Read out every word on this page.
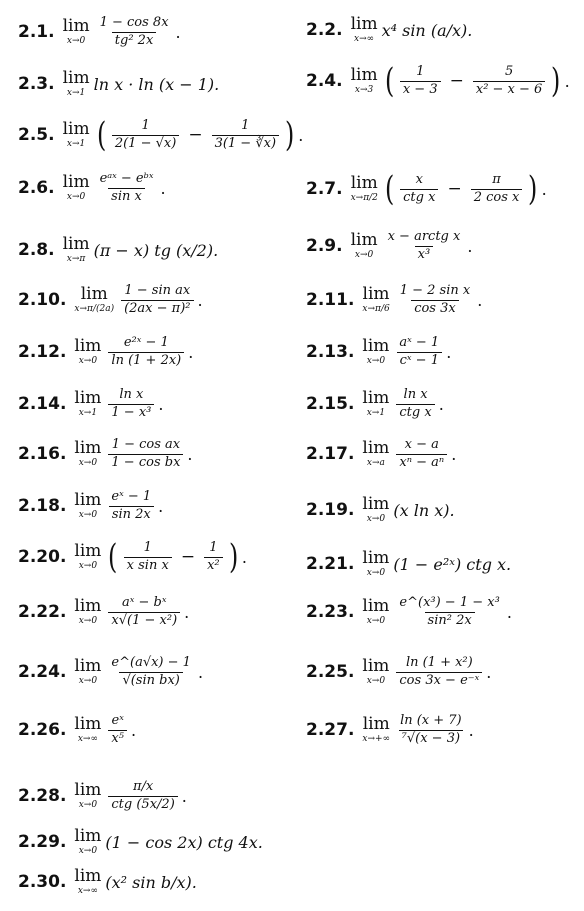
2.1. lim
$x\to 0 \frac{1 - \cos 8x}{\text{tg² 2x}}$ .	2.2. lim
x→∞ x⁴ sin (a/x).
2.3. lim
x→1 ln x · ln (x − 1).	2.4. lim
x→3 ( $\frac{1}{x - 3} - \frac{5}{\text{x² − x − 6}}$ ) .
2.5. lim
x→1 ( $\frac{1}{2(1 - √x)} - \frac{1}{3(1 - ∛x)}$ ) .
2.6. lim
$x\to 0 \frac{\text{eᵃˣ − eᵇˣ}}{\text{sin x}}$ .	2.7. lim
x→π/2 ( $\frac{x}{\text{ctg x}} - \frac{\pi}{\text{2 cos x}}$ ) .
2.8. lim
x→π (π − x) tg (x/2).	2.9. lim
$x\to 0 \frac{\text{x − arctg x}}{\text{x³}}$ .
2.10. lim
$x\to\pi/(2a) \frac{\text{1 − sin ax}}{\text{(2ax − π)²}}$ .	2.11. lim
$x\to\pi/6 \frac{\text{1 − 2 sin x}}{\cos 3x}$ .
2.12. lim
$x\to 0 \frac{\text{e²ˣ − 1}}{\ln (1 + 2x)}$ .	2.13. lim
$x\to 0 \frac{\text{aˣ − 1}}{\text{cˣ − 1}}$ .
2.14. lim
$x\to 1 \frac{\text{ln x}}{\text{1 − x³}}$ .	2.15. lim
$x\to 1 \frac{\text{ln x}}{\text{ctg x}}$ .
2.16. lim
$x\to 0 \frac{\text{1 − cos ax}}{\text{1 − cos bx}}$ .	2.17. lim
$x\to a \frac{x - a}{\text{xⁿ − aⁿ}}$ .
2.18. lim
$x\to 0 \frac{\text{eˣ − 1}}{\sin 2x}$ .	2.19. lim
x→0 (x ln x).
2.20. lim
x→0 ( $\frac{1}{\text{x sin x}} - \frac{1}{\text{x²}}$ ) .	2.21. lim
x→0 (1 − e²ˣ) ctg x.
2.22. lim
$x\to 0 \frac{\text{aˣ − bˣ}}{\text{x√(1 − x²)}}$ .	2.23. lim
$x\to 0 \frac{\text{e\textasciicircum{}(x³) − 1 − x³}}{\text{sin² 2x}}$ .
2.24. lim
$x\to 0 \frac{e\^{}(a√x) - 1}{\text{√(sin bx)}}$ .	2.25. lim
$x\to 0 \frac{\text{ln (1 + x²)}}{\text{cos 3x − e⁻ˣ}}$ .
2.26. lim
$x\to\infty \frac{\text{eˣ}}{\text{x⁵}}$ .	2.27. lim
$x\to+\infty \frac{\ln (x + 7)}{\text{⁷√(x − 3)}}$ .
2.28. lim
$x\to 0 \frac{\pi/x}{\text{ctg (5x/2)}}$ .
2.29. lim
x→0 (1 − cos 2x) ctg 4x.
2.30. lim
x→∞ (x² sin b/x).
